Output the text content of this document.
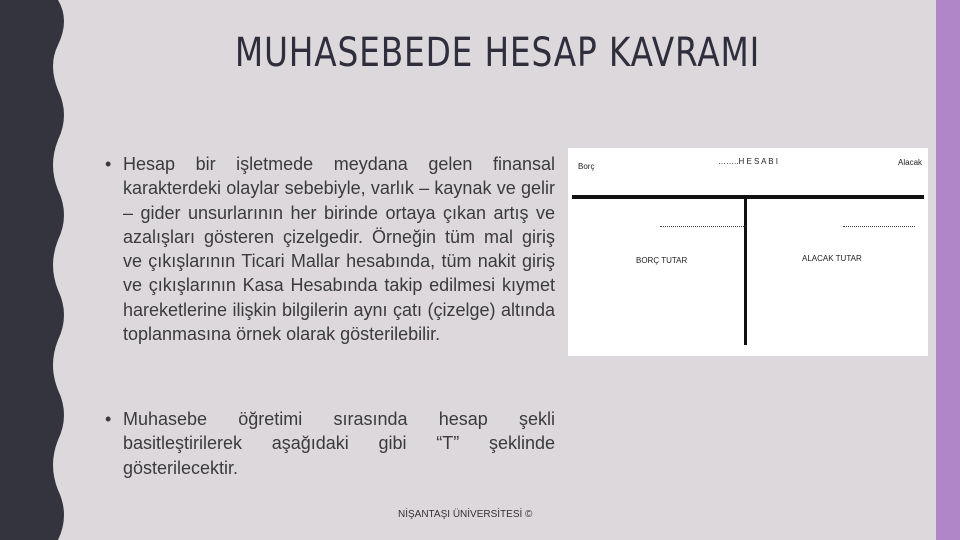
MUHASEBEDE HESAP KAVRAMI
• Hesap bir işletmede meydana gelen finansal karakterdeki olaylar sebebiyle, varlık – kaynak ve gelir – gider unsurlarının her birinde ortaya çıkan artış ve azalışları gösteren çizelgedir. Örneğin tüm mal giriş ve çıkışlarının Ticari Mallar hesabında, tüm nakit giriş ve çıkışlarının Kasa Hesabında takip edilmesi kıymet hareketlerine ilişkin bilgilerin aynı çatı (çizelge) altında toplanmasına örnek olarak gösterilebilir.
• Muhasebe öğretimi sırasında hesap şekli basitleştirilerek aşağıdaki gibi “T” şeklinde gösterilecektir.
Borç
……..H E S A B I	Alacak
BORÇ TUTAR	ALACAK TUTAR
NİŞANTAŞI ÜNİVERSİTESİ ©
